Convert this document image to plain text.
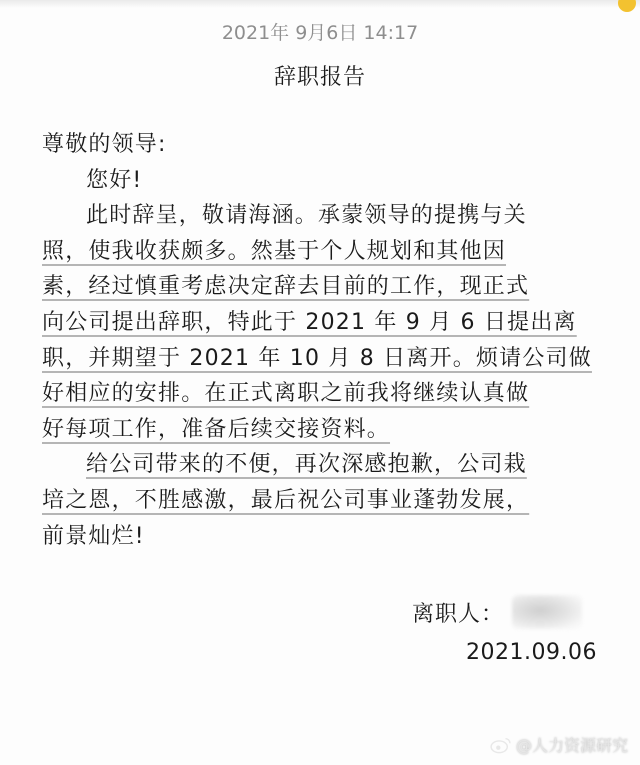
2021年 9月6日 14:17
辞职报告

尊敬的领导:

您好!

此时辞呈，敬请海涵。承蒙领导的提携与关

照，使我收获颇多。然基于个人规划和其他因

素，经过慎重考虑决定辞去目前的工作，现正式

向公司提出辞职，特此于 2021 年 9 月 6 日提出离

职，并期望于 2021 年 10 月 8 日离开。烦请公司做

好相应的安排。在正式离职之前我将继续认真做

好每项工作，准备后续交接资料。

给公司带来的不便，再次深感抱歉，公司栽

培之恩，不胜感激，最后祝公司事业蓬勃发展，

前景灿烂!

离职人：
2021.09.06
@人力资源研究
